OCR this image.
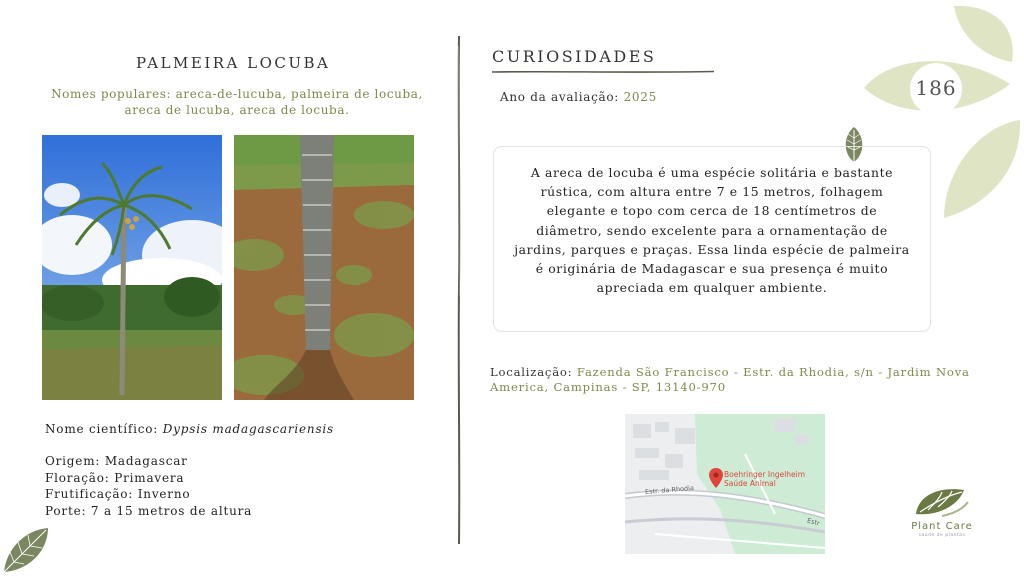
186
PALMEIRA LOCUBA
Nomes populares: areca-de-lucuba, palmeira de locuba,
areca de lucuba, areca de locuba.
Nome científico: Dypsis madagascariensis
Origem: Madagascar
Floração: Primavera
Frutificação: Inverno
Porte: 7 a 15 metros de altura
CURIOSIDADES
Ano da avaliação: 2025
A areca de locuba é uma espécie solitária e bastante rústica, com altura entre 7 e 15 metros, folhagem elegante e topo com cerca de 18 centímetros de diâmetro, sendo excelente para a ornamentação de jardins, parques e praças. Essa linda espécie de palmeira é originária de Madagascar e sua presença é muito apreciada em qualquer ambiente.
Localização: Fazenda São Francisco - Estr. da Rhodia, s/n - Jardim Nova America, Campinas - SP, 13140-970
Boehringer Ingelheim
Saúde Animal
Estr. da Rhodia
Estr	Plant Care
saúde de plantas
